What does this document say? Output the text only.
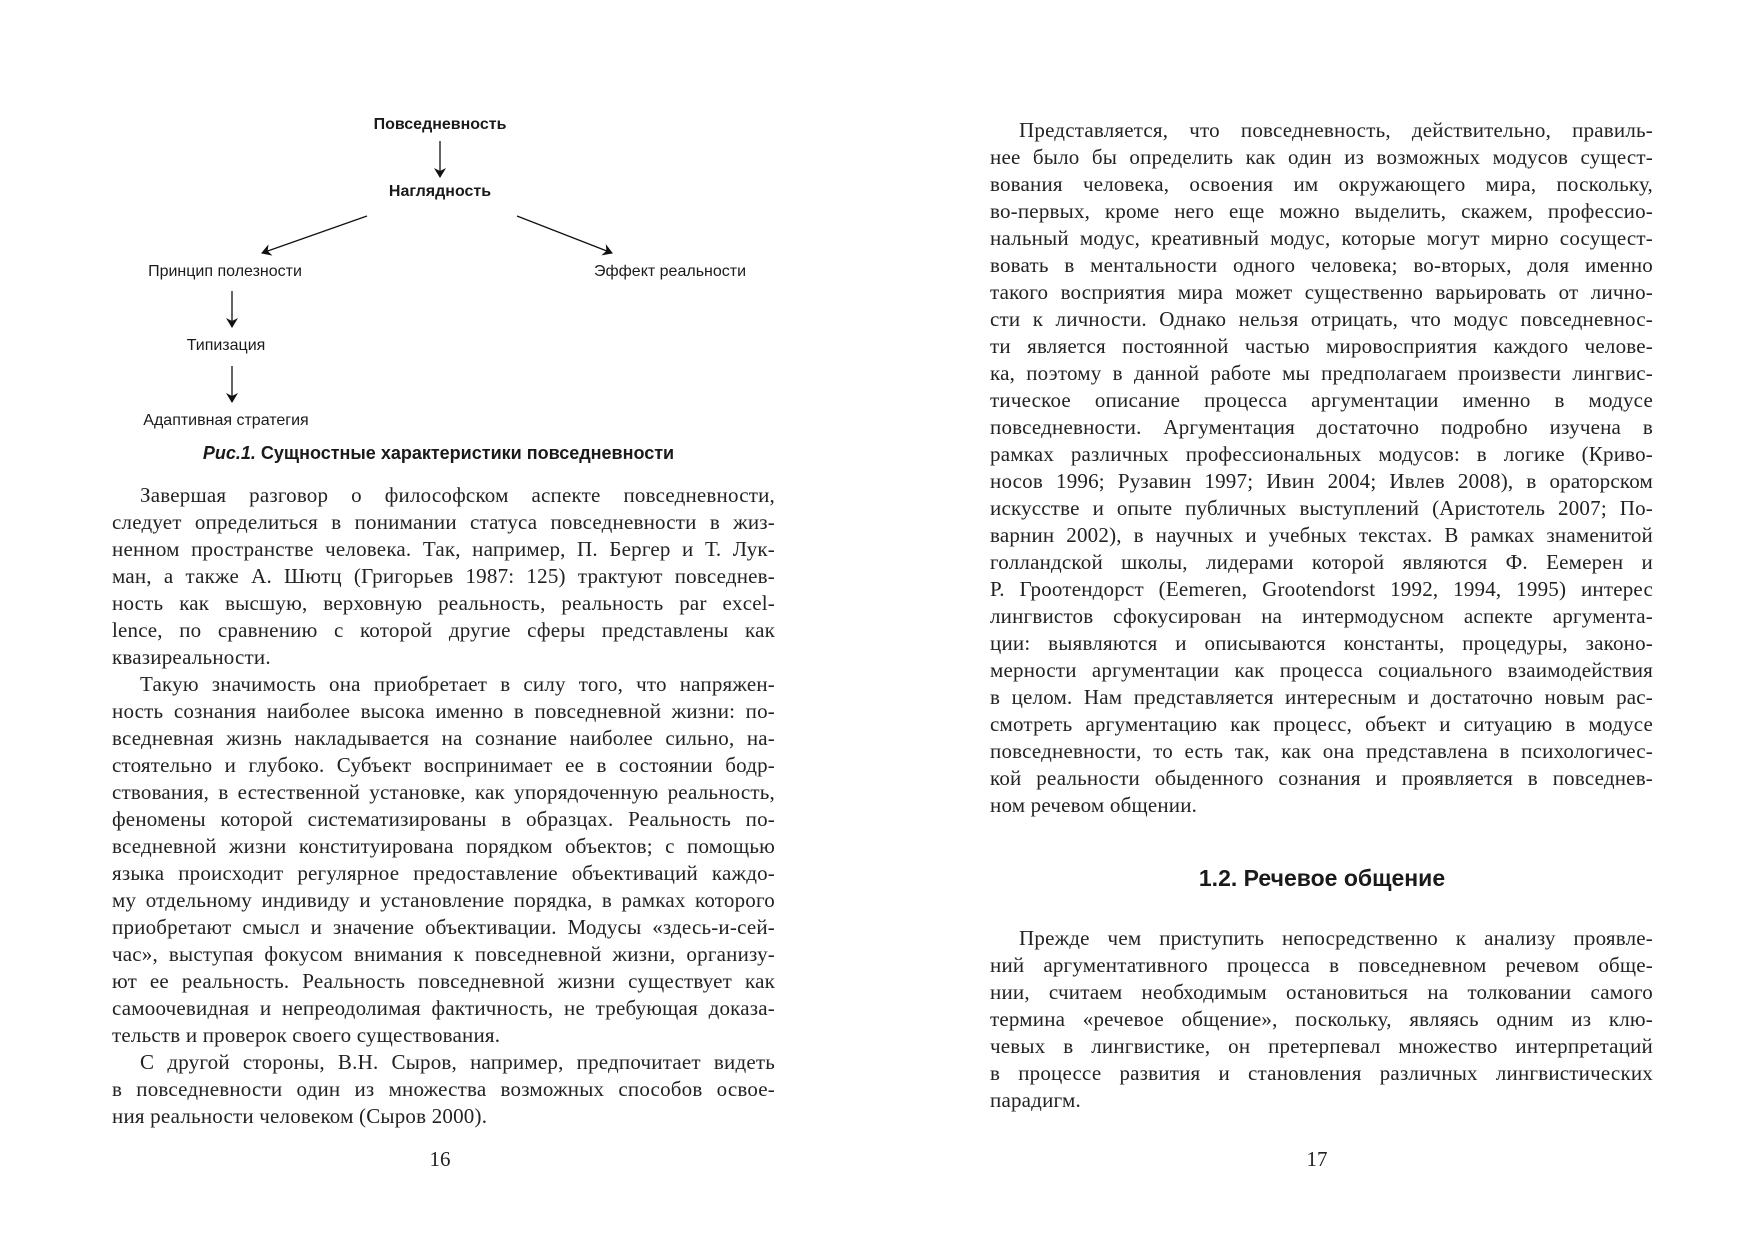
Повседневность
Наглядность
Принцип полезности	Эффект реальности
Типизация
Адаптивная стратегия
Рис.1. Сущностные характеристики повседневности
Завершая разговор о философском аспекте повседневности,
следует определиться в понимании статуса повседневности в жиз-
ненном пространстве человека. Так, например, П. Бергер и Т. Лук-
ман, а также А. Шютц (Григорьев 1987: 125) трактуют повседнев-
ность как высшую, верховную реальность, реальность par excel-
lence, по сравнению с которой другие сферы представлены как
квазиреальности.
Такую значимость она приобретает в силу того, что напряжен-
ность сознания наиболее высока именно в повседневной жизни: по-
вседневная жизнь накладывается на сознание наиболее сильно, на-
стоятельно и глубоко. Субъект воспринимает ее в состоянии бодр-
ствования, в естественной установке, как упорядоченную реальность,
феномены которой систематизированы в образцах. Реальность по-
вседневной жизни конституирована порядком объектов; с помощью
языка происходит регулярное предоставление объективаций каждо-
му отдельному индивиду и установление порядка, в рамках которого
приобретают смысл и значение объективации. Модусы «здесь-и-сей-
час», выступая фокусом внимания к повседневной жизни, организу-
ют ее реальность. Реальность повседневной жизни существует как
самоочевидная и непреодолимая фактичность, не требующая доказа-
тельств и проверок своего существования.
С другой стороны, В.Н. Сыров, например, предпочитает видеть
в повседневности один из множества возможных способов освое-
ния реальности человеком (Сыров 2000).
16
Представляется, что повседневность, действительно, правиль-
нее было бы определить как один из возможных модусов сущест-
вования человека, освоения им окружающего мира, поскольку,
во-первых, кроме него еще можно выделить, скажем, профессио-
нальный модус, креативный модус, которые могут мирно сосущест-
вовать в ментальности одного человека; во-вторых, доля именно
такого восприятия мира может существенно варьировать от лично-
сти к личности. Однако нельзя отрицать, что модус повседневнос-
ти является постоянной частью мировосприятия каждого челове-
ка, поэтому в данной работе мы предполагаем произвести лингвис-
тическое описание процесса аргументации именно в модусе
повседневности. Аргументация достаточно подробно изучена в
рамках различных профессиональных модусов: в логике (Криво-
носов 1996; Рузавин 1997; Ивин 2004; Ивлев 2008), в ораторском
искусстве и опыте публичных выступлений (Аристотель 2007; По-
варнин 2002), в научных и учебных текстах. В рамках знаменитой
голландской школы, лидерами которой являются Ф. Еемерен и
Р. Гроотендорст (Eemeren, Grootendorst 1992, 1994, 1995) интерес
лингвистов сфокусирован на интермодусном аспекте аргумента-
ции: выявляются и описываются константы, процедуры, законо-
мерности аргументации как процесса социального взаимодействия
в целом. Нам представляется интересным и достаточно новым рас-
смотреть аргументацию как процесс, объект и ситуацию в модусе
повседневности, то есть так, как она представлена в психологичес-
кой реальности обыденного сознания и проявляется в повседнев-
ном речевом общении.
1.2. Речевое общение
Прежде чем приступить непосредственно к анализу проявле-
ний аргументативного процесса в повседневном речевом обще-
нии, считаем необходимым остановиться на толковании самого
термина «речевое общение», поскольку, являясь одним из клю-
чевых в лингвистике, он претерпевал множество интерпретаций
в процессе развития и становления различных лингвистических
парадигм.
17
